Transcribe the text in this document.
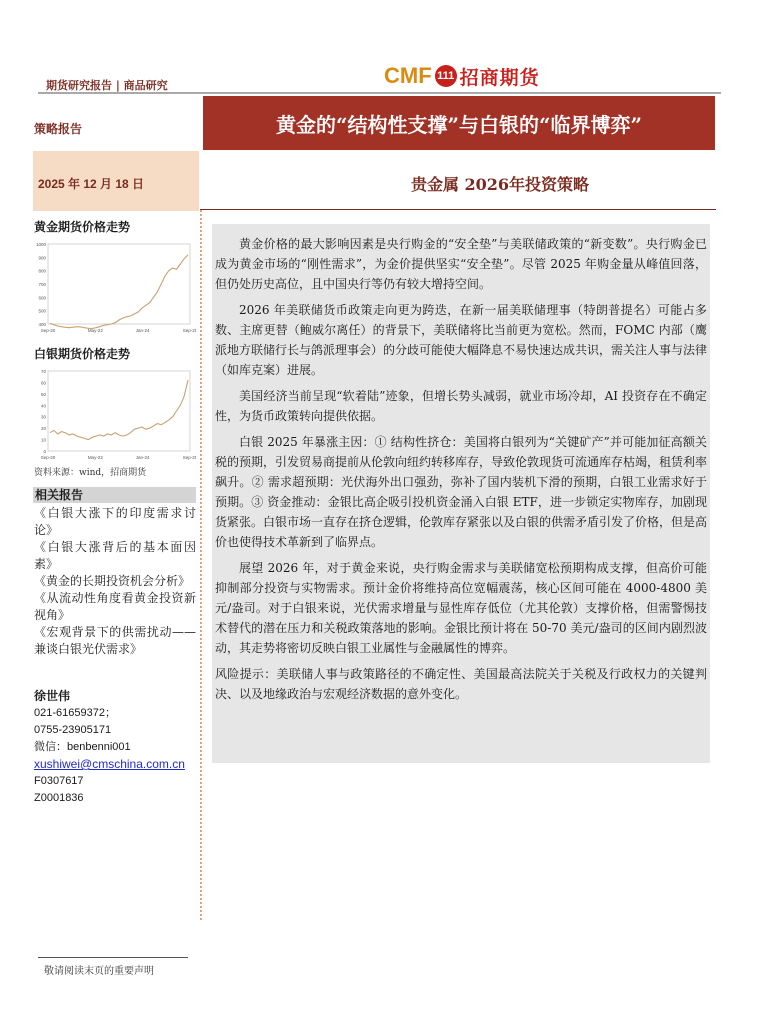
期货研究报告 | 商品研究	CMF 111 招商期货
策略报告	黄金的“结构性支撑”与白银的“临界博弈”
2025 年 12 月 18 日	贵金属 2026年投资策略
黄金期货价格走势
400
500
600
700
800
900
1000
Sep-20	May-22	Jan-24	Sep-25
白银期货价格走势
0
10
20
30
40
50
60
70
Sep-20	May-22	Jan-24	Sep-25
资料来源：wind，招商期货
相关报告
《白银大涨下的印度需求讨论》
《白银大涨背后的基本面因素》
《黄金的长期投资机会分析》
《从流动性角度看黄金投资新视角》
《宏观背景下的供需扰动——兼谈白银光伏需求》
徐世伟
021-61659372；
0755-23905171
微信：benbenni001
xushiwei@cmschina.com.cn
F0307617
Z0001836

黄金价格的最大影响因素是央行购金的“安全垫”与美联储政策的“新变数”。央行购金已成为黄金市场的“刚性需求”，为金价提供坚实“安全垫”。尽管 2025 年购金量从峰值回落，但仍处历史高位，且中国央行等仍有较大增持空间。

2026 年美联储货币政策走向更为跨迭，在新一届美联储理事（特朗普提名）可能占多数、主席更替（鲍威尔离任）的背景下，美联储将比当前更为宽松。然而，FOMC 内部（鹰派地方联储行长与鸽派理事会）的分歧可能使大幅降息不易快速达成共识，需关注人事与法律（如库克案）进展。

美国经济当前呈现“软着陆”迹象，但增长势头减弱，就业市场冷却，AI 投资存在不确定性，为货币政策转向提供依据。

白银 2025 年暴涨主因：① 结构性挤仓：美国将白银列为“关键矿产”并可能加征高额关税的预期，引发贸易商提前从伦敦向纽约转移库存，导致伦敦现货可流通库存枯竭，租赁利率飙升。② 需求超预期：光伏海外出口强劲，弥补了国内装机下滑的预期，白银工业需求好于预期。③ 资金推动：金银比高企吸引投机资金涌入白银 ETF，进一步锁定实物库存，加剧现货紧张。白银市场一直存在挤仓逻辑，伦敦库存紧张以及白银的供需矛盾引发了价格，但是高价也使得技术革新到了临界点。

展望 2026 年，对于黄金来说，央行购金需求与美联储宽松预期构成支撑，但高价可能抑制部分投资与实物需求。预计金价将维持高位宽幅震荡，核心区间可能在 4000-4800 美元/盎司。对于白银来说，光伏需求增量与显性库存低位（尤其伦敦）支撑价格，但需警惕技术替代的潜在压力和关税政策落地的影响。金银比预计将在 50-70 美元/盎司的区间内剧烈波动，其走势将密切反映白银工业属性与金融属性的博弈。

风险提示：美联储人事与政策路径的不确定性、美国最高法院关于关税及行政权力的关键判决、以及地缘政治与宏观经济数据的意外变化。

敬请阅读末页的重要声明
